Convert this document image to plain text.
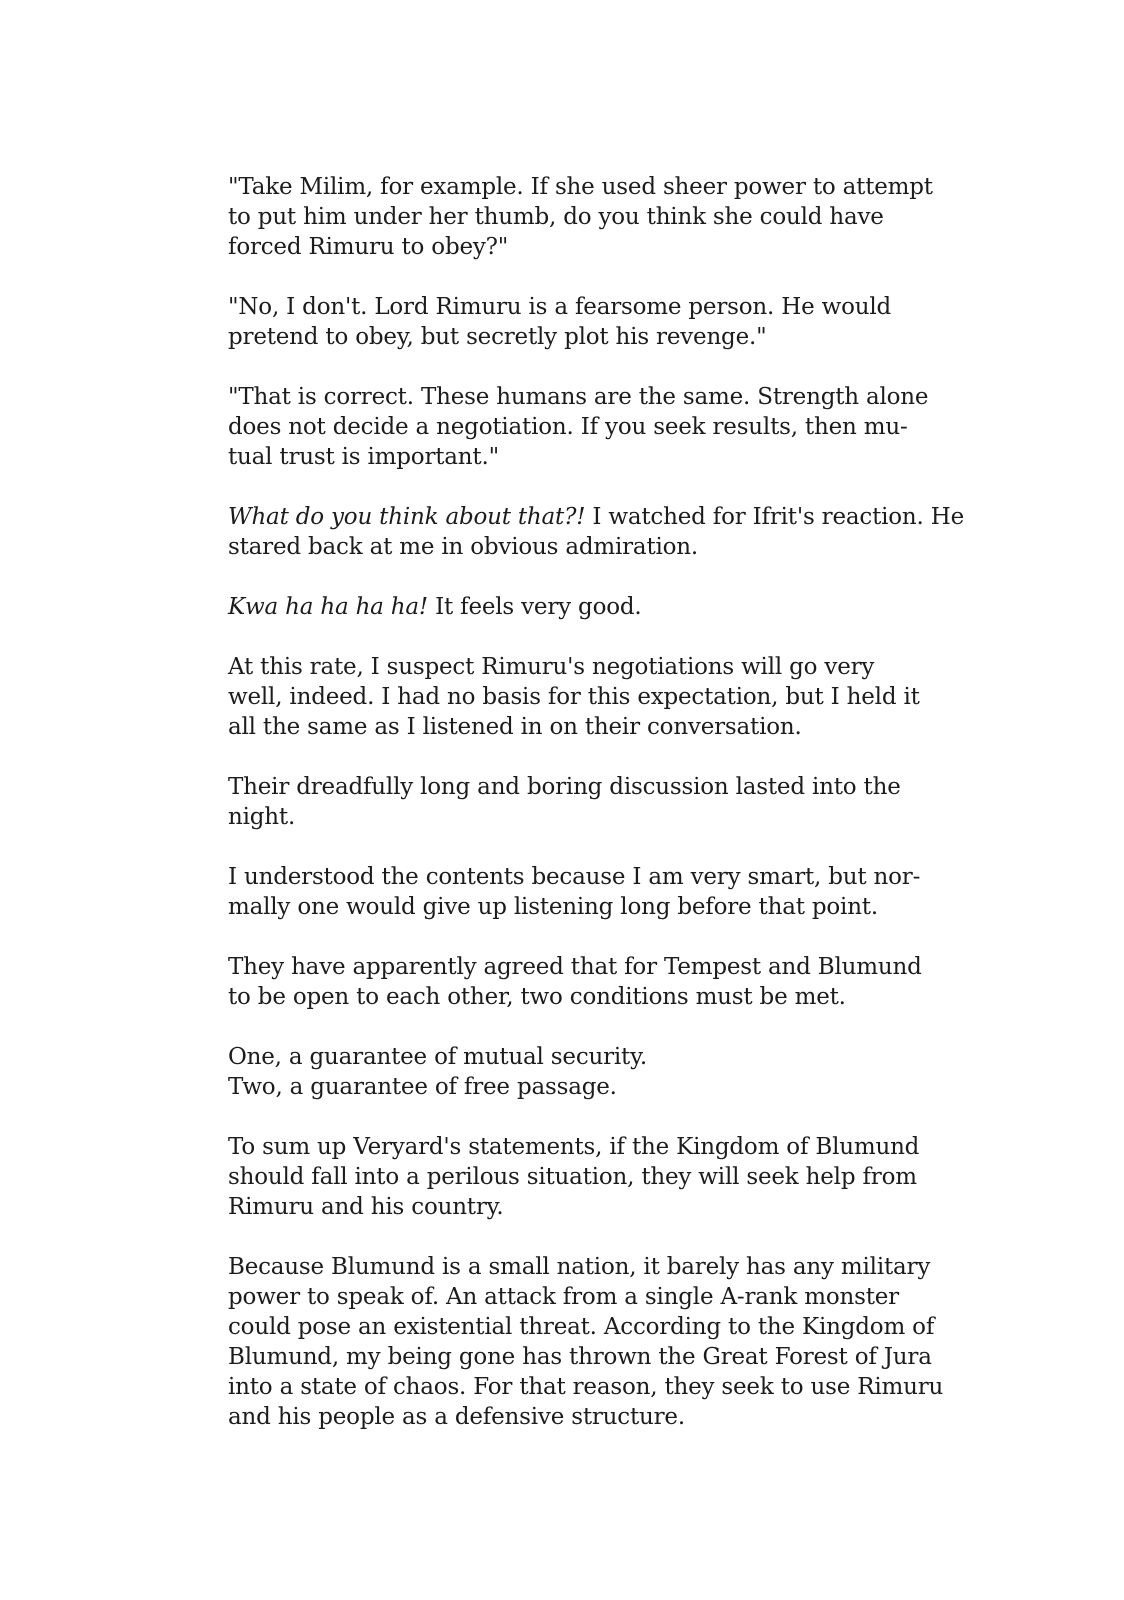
"Take Milim, for example. If she used sheer power to attempt
to put him under her thumb, do you think she could have
forced Rimuru to obey?"

"No, I don't. Lord Rimuru is a fearsome person. He would
pretend to obey, but secretly plot his revenge."

"That is correct. These humans are the same. Strength alone
does not decide a negotiation. If you seek results, then mu-
tual trust is important."

What do you think about that?! I watched for Ifrit's reaction. He
stared back at me in obvious admiration.

Kwa ha ha ha ha! It feels very good.

At this rate, I suspect Rimuru's negotiations will go very
well, indeed. I had no basis for this expectation, but I held it
all the same as I listened in on their conversation.

Their dreadfully long and boring discussion lasted into the
night.

I understood the contents because I am very smart, but nor-
mally one would give up listening long before that point.

They have apparently agreed that for Tempest and Blumund
to be open to each other, two conditions must be met.

One, a guarantee of mutual security.
Two, a guarantee of free passage.

To sum up Veryard's statements, if the Kingdom of Blumund
should fall into a perilous situation, they will seek help from
Rimuru and his country.

Because Blumund is a small nation, it barely has any military
power to speak of. An attack from a single A-rank monster
could pose an existential threat. According to the Kingdom of
Blumund, my being gone has thrown the Great Forest of Jura
into a state of chaos. For that reason, they seek to use Rimuru
and his people as a defensive structure.
